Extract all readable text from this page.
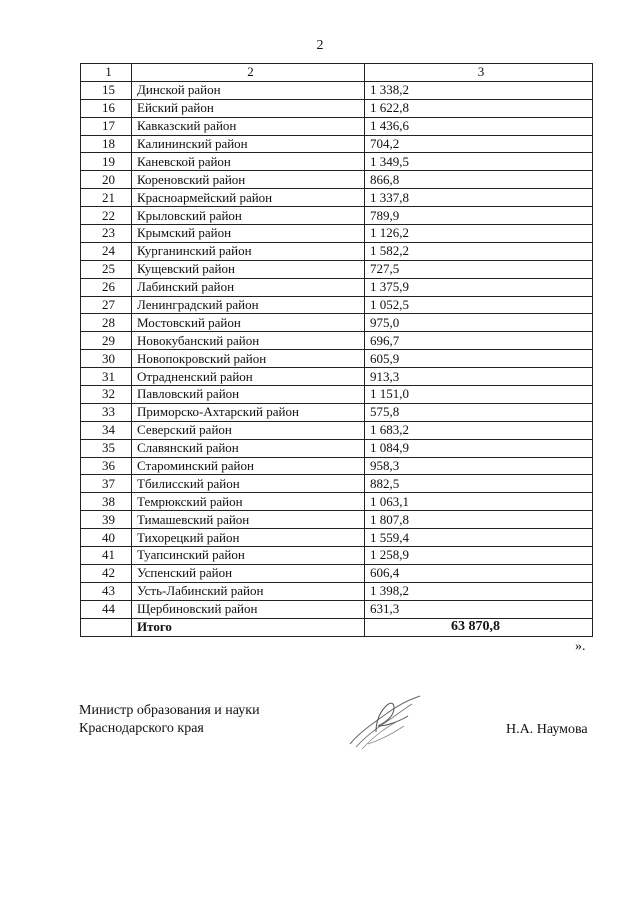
2
1	2	3
15	Динской район	1 338,2
16	Ейский район	1 622,8
17	Кавказский район	1 436,6
18	Калининский район	704,2
19	Каневской район	1 349,5
20	Кореновский район	866,8
21	Красноармейский район	1 337,8
22	Крыловский район	789,9
23	Крымский район	1 126,2
24	Курганинский район	1 582,2
25	Кущевский район	727,5
26	Лабинский район	1 375,9
27	Ленинградский район	1 052,5
28	Мостовский район	975,0
29	Новокубанский район	696,7
30	Новопокровский район	605,9
31	Отрадненский район	913,3
32	Павловский район	1 151,0
33	Приморско-Ахтарский район	575,8
34	Северский район	1 683,2
35	Славянский район	1 084,9
36	Староминский район	958,3
37	Тбилисский район	882,5
38	Темрюкский район	1 063,1
39	Тимашевский район	1 807,8
40	Тихорецкий район	1 559,4
41	Туапсинский район	1 258,9
42	Успенский район	606,4
43	Усть-Лабинский район	1 398,2
44	Щербиновский район	631,3
	Итого	63 870,8
».
Министр образования и науки
Краснодарского края	Н.А. Наумова
